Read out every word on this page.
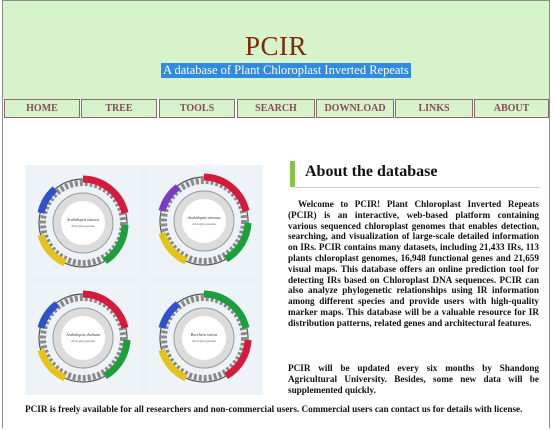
PCIR
A database of Plant Chloroplast Inverted Repeats
HOME	TREE	TOOLS	SEARCH	DOWNLOAD	LINKS	ABOUT
Arabidopsis suecica
chloroplast genome
Arabidopsis arenosa
chloroplast genome
Arabidopsis thaliana
chloroplast genome
Boechera stricta
chloroplast genome
About the database

Welcome to PCIR! Plant Chloroplast Inverted Repeats (PCIR) is an interactive, web-based platform containing various sequenced chloroplast genomes that enables detection, searching, and visualization of large-scale detailed information on IRs. PCIR contains many datasets, including 21,433 IRs, 113 plants chloroplast genomes, 16,948 functional genes and 21,659 visual maps. This database offers an online prediction tool for detecting IRs based on Chloroplast DNA sequences. PCIR can also analyze phylogenetic relationships using IR information among different species and provide users with high-quality marker maps. This database will be a valuable resource for IR distribution patterns, related genes and architectural features.

PCIR will be updated every six months by Shandong Agricultural University. Besides, some new data will be supplemented quickly.

PCIR is freely available for all researchers and non-commercial users. Commercial users can contact us for details with license.
